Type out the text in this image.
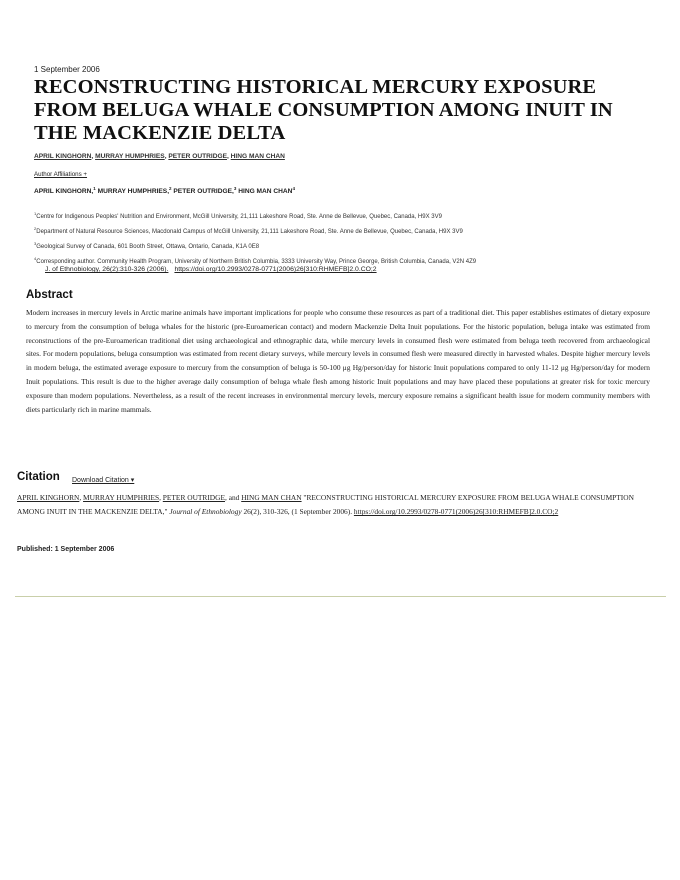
1 September 2006
RECONSTRUCTING HISTORICAL MERCURY EXPOSURE
FROM BELUGA WHALE CONSUMPTION AMONG INUIT IN
THE MACKENZIE DELTA
APRIL KINGHORN, MURRAY HUMPHRIES, PETER OUTRIDGE, HING MAN CHAN
Author Affiliations +
APRIL KINGHORN,$^1$ MURRAY HUMPHRIES,$^2$ PETER OUTRIDGE,$^3$ HING MAN CHAN$^4$
$^1$Centre for Indigenous Peoples' Nutrition and Environment, McGill University, 21,111 Lakeshore Road, Ste. Anne de Bellevue, Quebec, Canada, H9X 3V9
$^2$Department of Natural Resource Sciences, Macdonald Campus of McGill University, 21,111 Lakeshore Road, Ste. Anne de Bellevue, Quebec, Canada, H9X 3V9
$^3$Geological Survey of Canada, 601 Booth Street, Ottawa, Ontario, Canada, K1A 0E8
$^4$Corresponding author. Community Health Program, University of Northern British Columbia, 3333 University Way, Prince George, British Columbia, Canada, V2N 4Z9
J. of Ethnobiology, 26(2):310-326 (2006). https://doi.org/10.2993/0278-0771(2006)26[310:RHMEFB]2.0.CO;2
Abstract
Modern increases in mercury levels in Arctic marine animals have important implications for people who consume these resources as part of a traditional diet. This paper establishes estimates of dietary exposure to mercury from the consumption of beluga whales for the historic (pre-Euroamerican contact) and modern Mackenzie Delta Inuit populations. For the historic population, beluga intake was estimated from reconstructions of the pre-Euroamerican traditional diet using archaeological and ethnographic data, while mercury levels in consumed flesh were estimated from beluga teeth recovered from archaeological sites. For modern populations, beluga consumption was estimated from recent dietary surveys, while mercury levels in consumed flesh were measured directly in harvested whales. Despite higher mercury levels in modern beluga, the estimated average exposure to mercury from the consumption of beluga is 50-100 μg Hg/person/day for historic Inuit populations compared to only 11-12 μg Hg/person/day for modern Inuit populations. This result is due to the higher average daily consumption of beluga whale flesh among historic Inuit populations and may have placed these populations at greater risk for toxic mercury exposure than modern populations. Nevertheless, as a result of the recent increases in environmental mercury levels, mercury exposure remains a significant health issue for modern community members with diets particularly rich in marine mammals.
Citation Download Citation ▾
APRIL KINGHORN, MURRAY HUMPHRIES, PETER OUTRIDGE, and HING MAN CHAN "RECONSTRUCTING HISTORICAL MERCURY EXPOSURE FROM BELUGA WHALE CONSUMPTION AMONG INUIT IN THE MACKENZIE DELTA," Journal of Ethnobiology 26(2), 310-326, (1 September 2006). https://doi.org/10.2993/0278-0771(2006)26[310:RHMEFB]2.0.CO;2
Published: 1 September 2006
